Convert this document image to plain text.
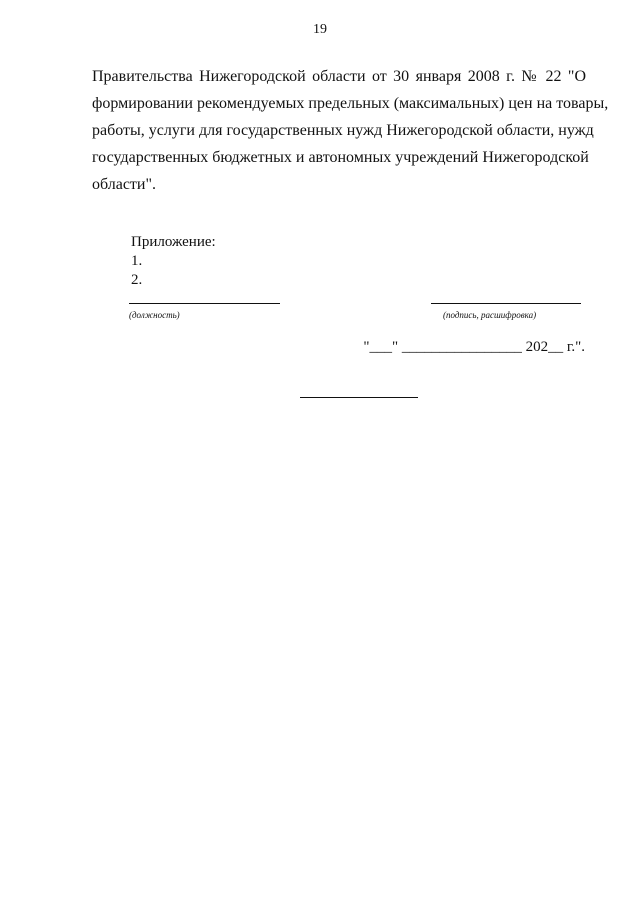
19
Правительства Нижегородской области от 30 января 2008 г. № 22 "О
формировании рекомендуемых предельных (максимальных) цен на товары,
работы, услуги для государственных нужд Нижегородской области, нужд
государственных бюджетных и автономных учреждений Нижегородской
области".
Приложение:
1.
2.
(должность)	(подпись, расшифровка)
"___" ________________ 202__ г.".
